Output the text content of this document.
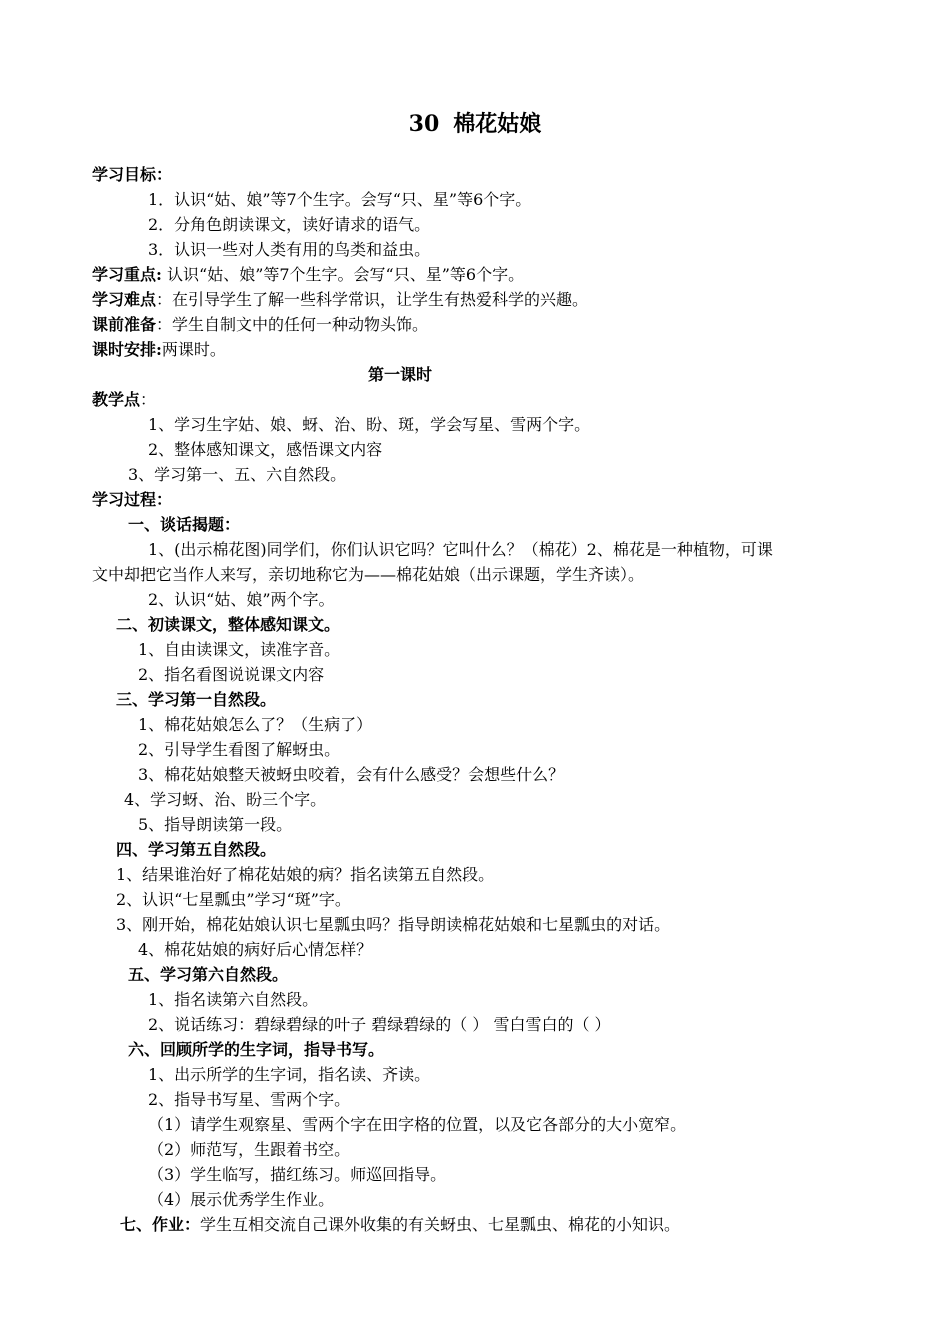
30 棉花姑娘
学习目标：
1．认识“姑、娘”等7个生字。会写“只、星”等6个字。
2．分角色朗读课文，读好请求的语气。
3．认识一些对人类有用的鸟类和益虫。
学习重点: 认识“姑、娘”等7个生字。会写“只、星”等6个字。
学习难点：在引导学生了解一些科学常识，让学生有热爱科学的兴趣。
课前准备：学生自制文中的任何一种动物头饰。
课时安排:两课时。
第一课时
教学点：
1、学习生字姑、娘、蚜、治、盼、斑，学会写星、雪两个字。
2、整体感知课文，感悟课文内容
3、学习第一、五、六自然段。
学习过程：
一、谈话揭题：
1、(出示棉花图)同学们，你们认识它吗？它叫什么？（棉花）2、棉花是一种植物，可课
文中却把它当作人来写，亲切地称它为——棉花姑娘（出示课题，学生齐读）。
2、认识“姑、娘”两个字。
二、初读课文，整体感知课文。
1、自由读课文，读准字音。
2、指名看图说说课文内容
三、学习第一自然段。
1、棉花姑娘怎么了？（生病了）
2、引导学生看图了解蚜虫。
3、棉花姑娘整天被蚜虫咬着，会有什么感受？会想些什么？
4、学习蚜、治、盼三个字。
5、指导朗读第一段。
四、学习第五自然段。
1、结果谁治好了棉花姑娘的病？指名读第五自然段。
2、认识“七星瓢虫”学习“斑”字。
3、刚开始，棉花姑娘认识七星瓢虫吗？指导朗读棉花姑娘和七星瓢虫的对话。
4、棉花姑娘的病好后心情怎样？
五、学习第六自然段。
1、指名读第六自然段。
2、说话练习：碧绿碧绿的叶子 碧绿碧绿的（ ） 雪白雪白的（ ）
六、回顾所学的生字词，指导书写。
1、出示所学的生字词，指名读、齐读。
2、指导书写星、雪两个字。
（1）请学生观察星、雪两个字在田字格的位置，以及它各部分的大小宽窄。
（2）师范写，生跟着书空。
（3）学生临写，描红练习。师巡回指导。
（4）展示优秀学生作业。
七、作业：学生互相交流自己课外收集的有关蚜虫、七星瓢虫、棉花的小知识。
